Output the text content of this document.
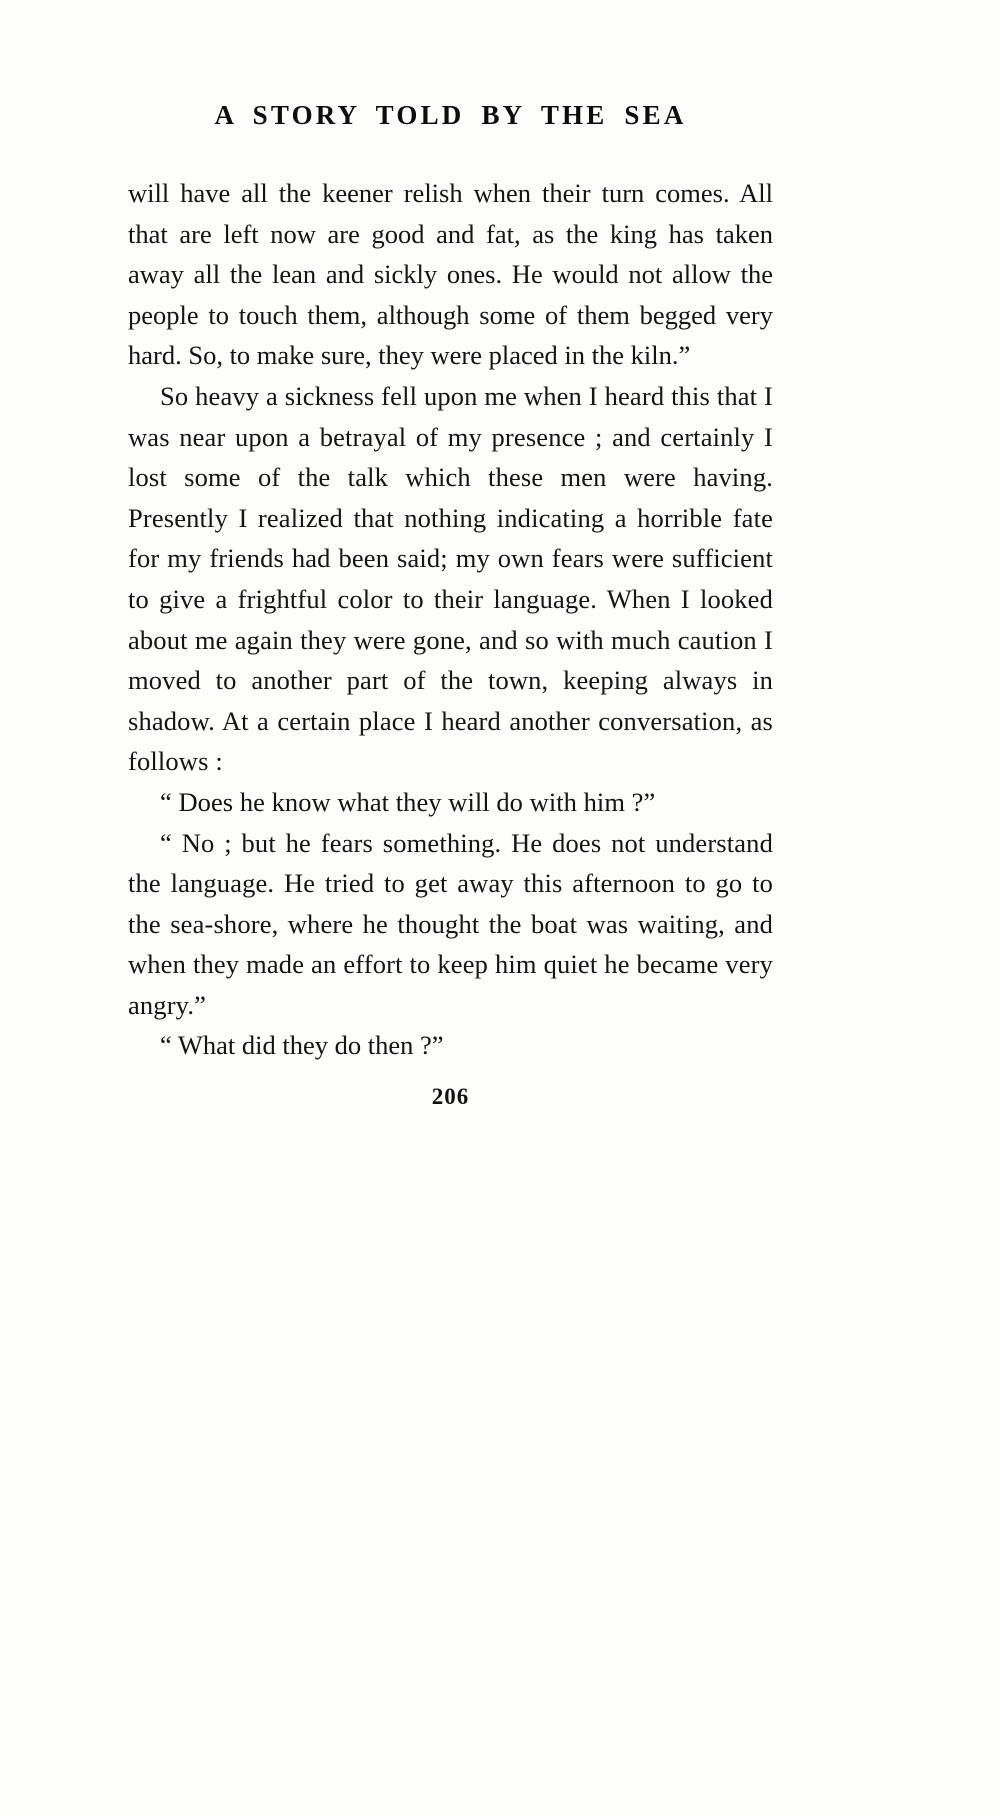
A STORY TOLD BY THE SEA

will have all the keener relish when their turn comes. All that are left now are good and fat, as the king has taken away all the lean and sickly ones. He would not allow the people to touch them, although some of them begged very hard. So, to make sure, they were placed in the kiln.”

So heavy a sickness fell upon me when I heard this that I was near upon a betrayal of my presence ; and certainly I lost some of the talk which these men were having. Presently I realized that nothing indicating a horrible fate for my friends had been said; my own fears were sufficient to give a frightful color to their language. When I looked about me again they were gone, and so with much caution I moved to another part of the town, keeping always in shadow. At a certain place I heard another conversation, as follows :

“ Does he know what they will do with him ?”

“ No ; but he fears something. He does not understand the language. He tried to get away this afternoon to go to the sea-shore, where he thought the boat was waiting, and when they made an effort to keep him quiet he became very angry.”

“ What did they do then ?”

206
